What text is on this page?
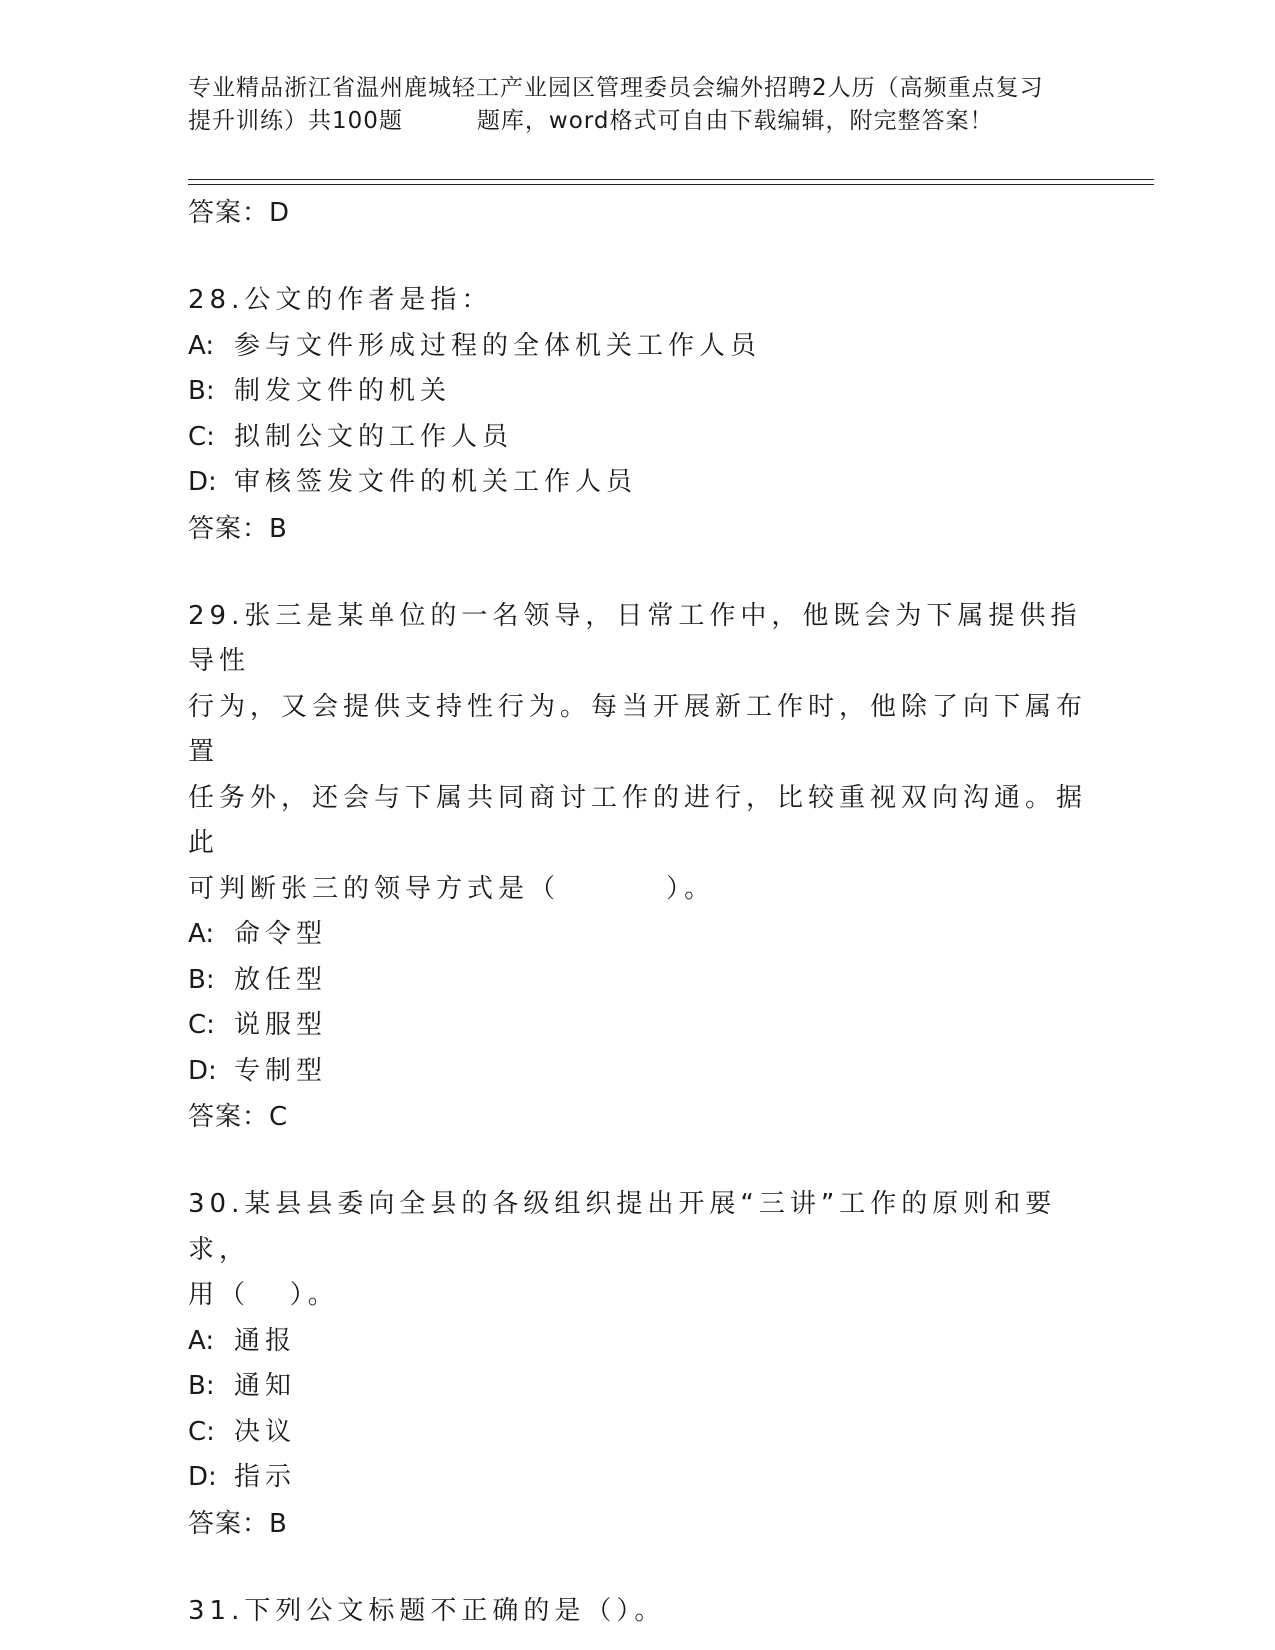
专业精品浙江省温州鹿城轻工产业园区管理委员会编外招聘2人历（高频重点复习
提升训练）共100题	题库，word格式可自由下载编辑，附完整答案！
答案：D
28.公文的作者是指：
A: 参与文件形成过程的全体机关工作人员
B: 制发文件的机关
C: 拟制公文的工作人员
D: 审核签发文件的机关工作人员
答案：B
29.张三是某单位的一名领导，日常工作中，他既会为下属提供指导性
行为，又会提供支持性行为。每当开展新工作时，他除了向下属布置
任务外，还会与下属共同商讨工作的进行，比较重视双向沟通。据此
可判断张三的领导方式是（        ）。
A: 命令型
B: 放任型
C: 说服型
D: 专制型
答案：C
30.某县县委向全县的各级组织提出开展“三讲”工作的原则和要求，
用（   ）。
A: 通报
B: 通知
C: 决议
D: 指示
答案：B
31.下列公文标题不正确的是（）。
